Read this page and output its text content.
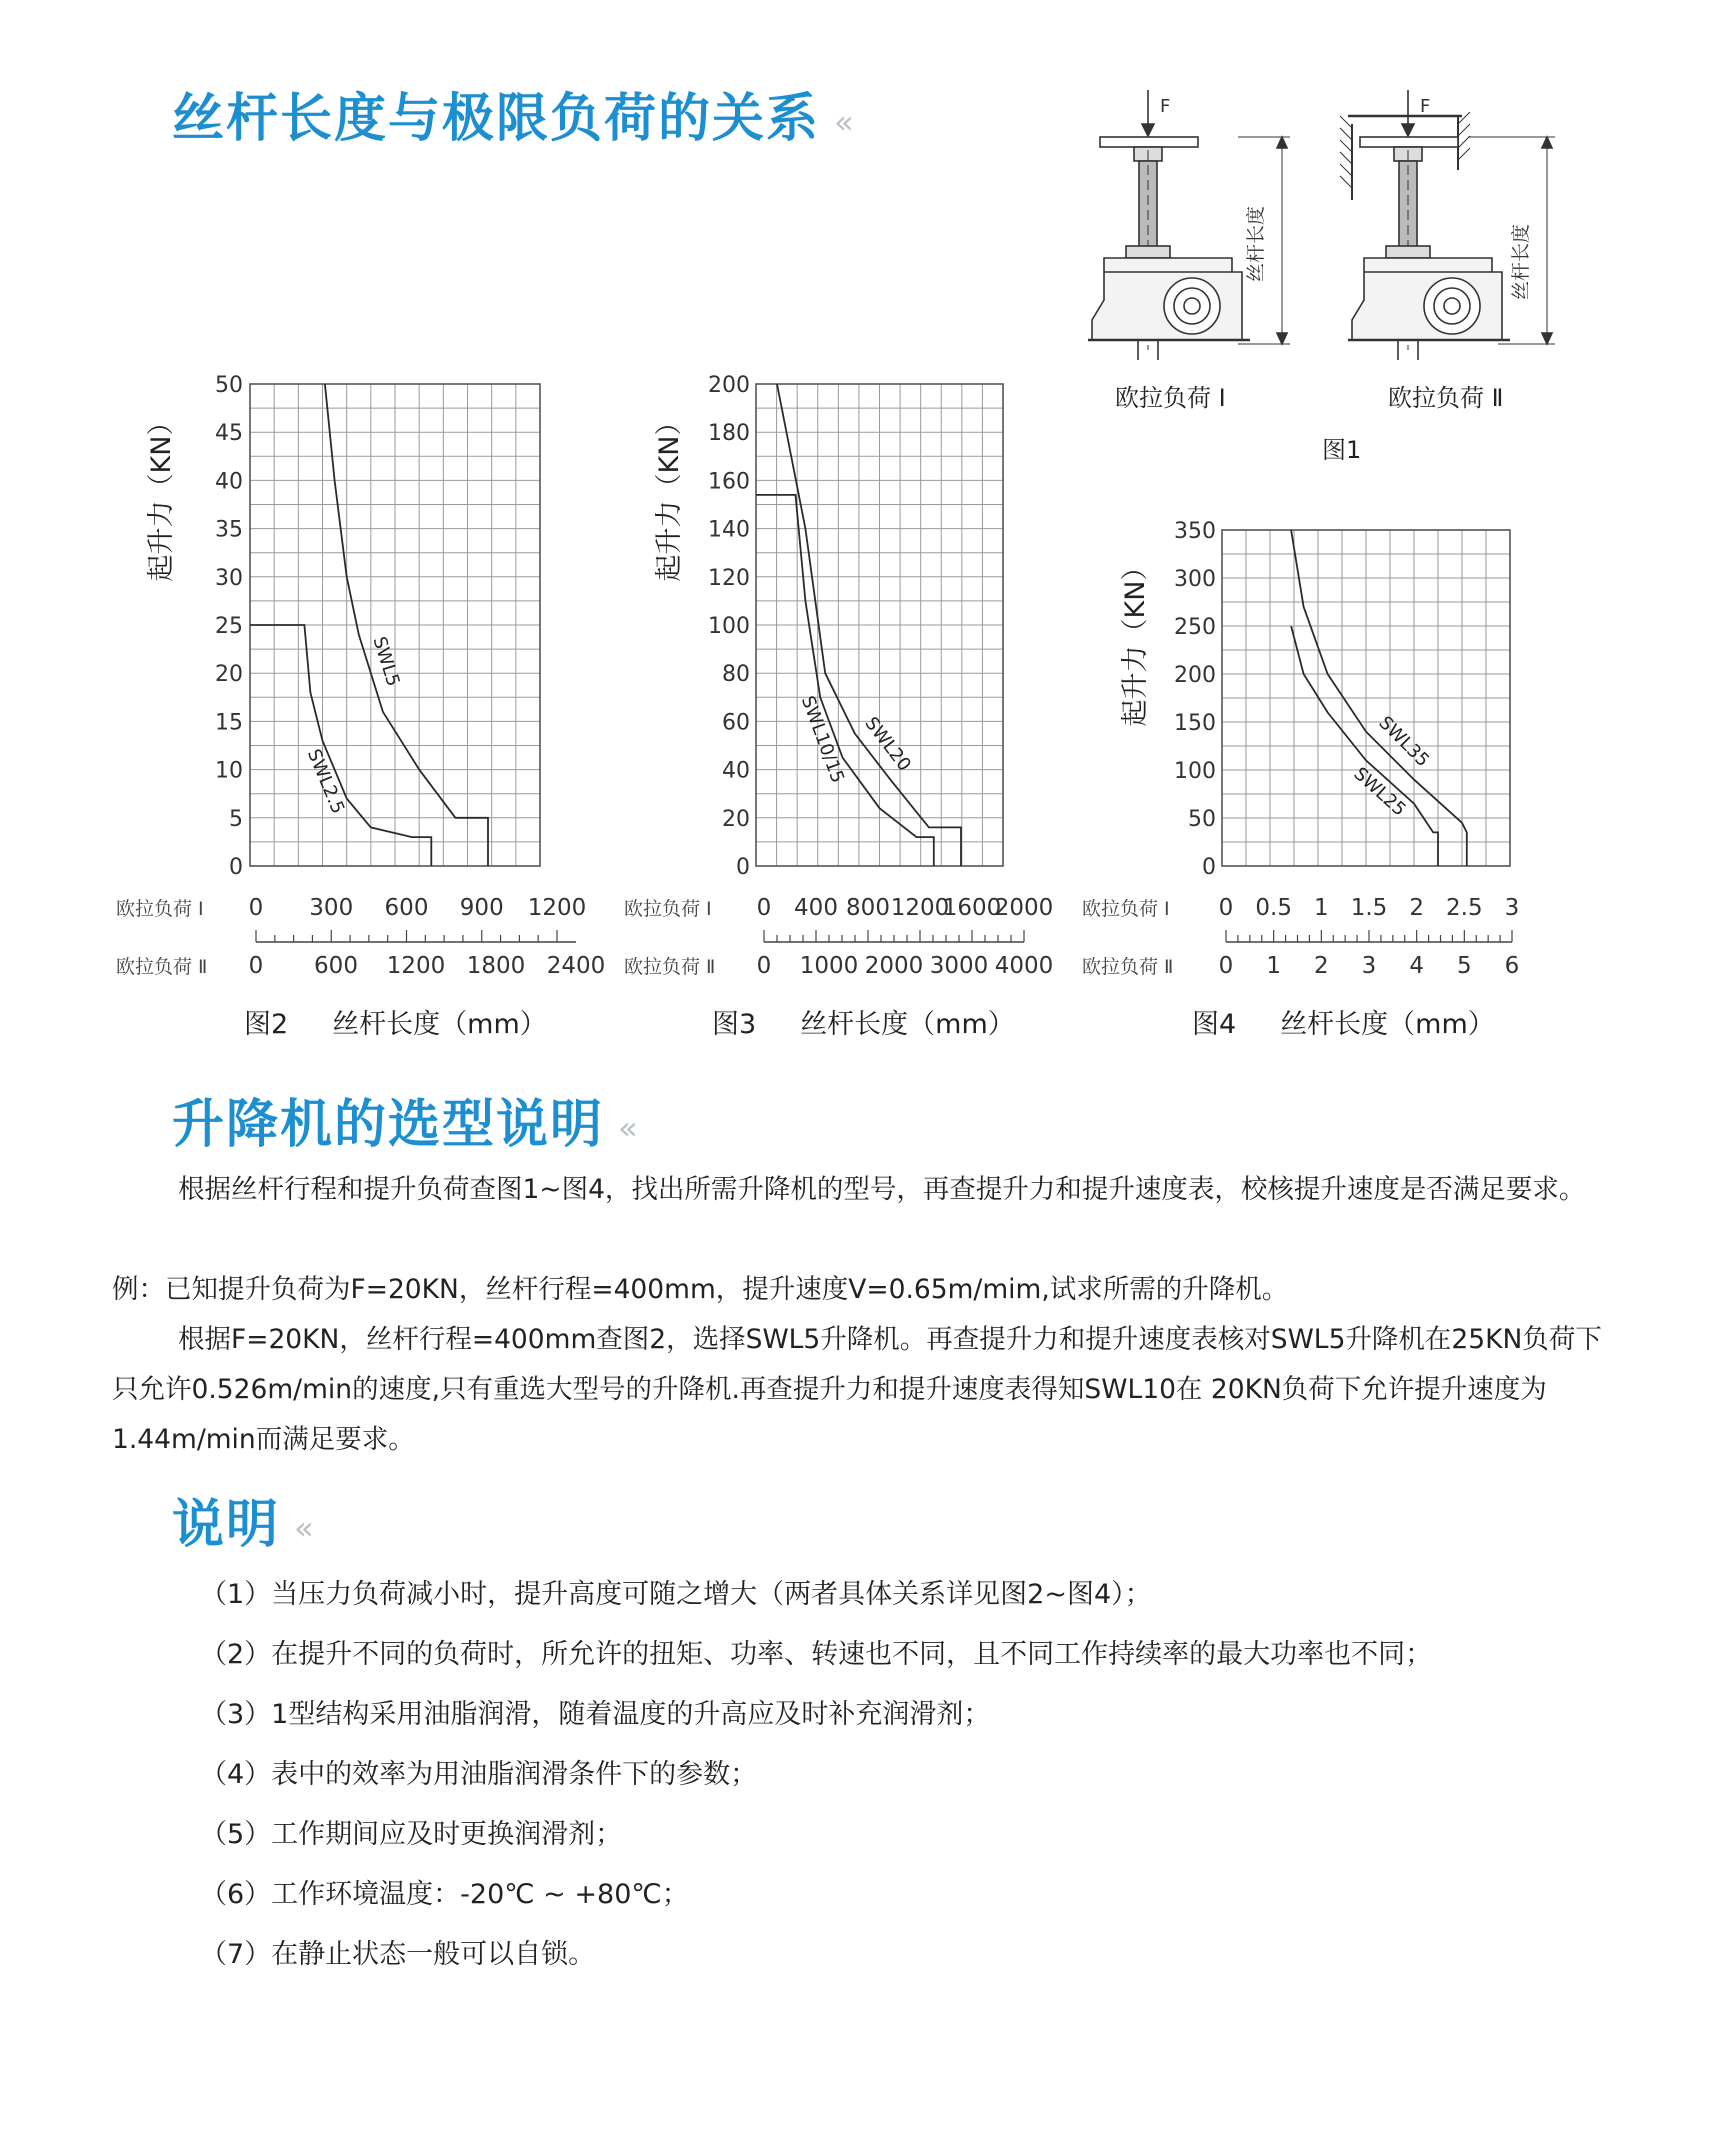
丝杆长度与极限负荷的关系 «	F
丝杆长度
F
丝杆长度
欧拉负荷 Ⅰ	欧拉负荷 Ⅱ
图1
50
45
40
35
30
25
20
15
10
5
0
起升力（KN）
SWL5
SWL2.5
欧拉负荷 Ⅰ
欧拉负荷 Ⅱ
0 300 600 900 1200
0 600 1200 1800 2400
图2 丝杆长度（mm）
200
180
160
140
120
100
80
60
40
20
0
起升力（KN）
SWL20
SWL10/15
欧拉负荷 Ⅰ
欧拉负荷 Ⅱ
0 400 800 1200
1600
2000
0 1000 2000 3000 4000
图3 丝杆长度（mm）
350
300
250
200
150
100
50
0
起升力（KN）
SWL35
SWL25
欧拉负荷 Ⅰ
欧拉负荷 Ⅱ
0 0.5 1 1.5 2 2.5 3
0 1 2 3 4 5 6
图4 丝杆长度（mm）
升降机的选型说明 «

根据丝杆行程和提升负荷查图1~图4，找出所需升降机的型号，再查提升力和提升速度表，校核提升速度是否满足要求。

例：已知提升负荷为F=20KN，丝杆行程=400mm，提升速度V=0.65m/mim,试求所需的升降机。

根据F=20KN，丝杆行程=400mm查图2，选择SWL5升降机。再查提升力和提升速度表核对SWL5升降机在25KN负荷下只允许0.526m/min的速度,只有重选大型号的升降机.再查提升力和提升速度表得知SWL10在 20KN负荷下允许提升速度为1.44m/min而满足要求。

说明 «
（1）当压力负荷减小时，提升高度可随之增大（两者具体关系详见图2~图4）；
（2）在提升不同的负荷时，所允许的扭矩、功率、转速也不同，且不同工作持续率的最大功率也不同；
（3）1型结构采用油脂润滑，随着温度的升高应及时补充润滑剂；
（4）表中的效率为用油脂润滑条件下的参数；
（5）工作期间应及时更换润滑剂；
（6）工作环境温度：-20℃ ~ +80℃；
（7）在静止状态一般可以自锁。
